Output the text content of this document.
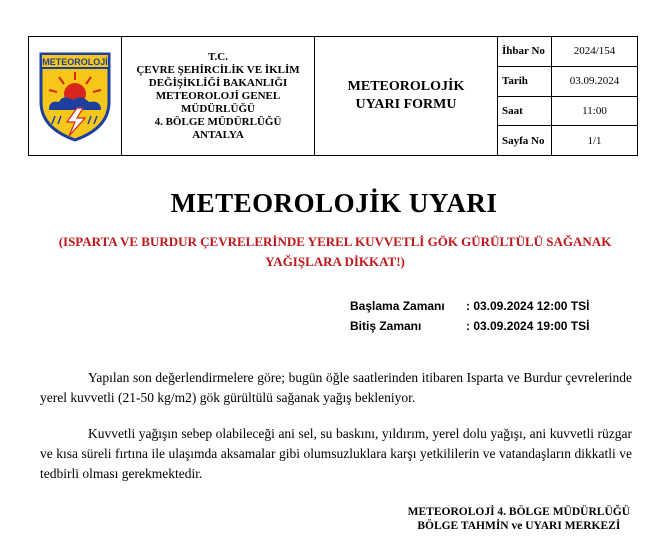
METEOROLOJİ	T.C.
ÇEVRE ŞEHİRCİLİK VE İKLİM
DEĞİŞİKLİĞİ BAKANLIĞI
METEOROLOJİ GENEL
MÜDÜRLÜĞÜ
4. BÖLGE MÜDÜRLÜĞÜ
ANTALYA
METEOROLOJİK
UYARI FORMU
İhbar No	2024/154
Tarih	03.09.2024
Saat	11:00
Sayfa No	1/1
METEOROLOJİK UYARI
(ISPARTA VE BURDUR ÇEVRELERİNDE YEREL KUVVETLİ GÖK GÜRÜLTÜLÜ SAĞANAK
YAĞIŞLARA DİKKAT!)
Başlama Zamanı	: 03.09.2024 12:00 TSİ
Bitiş Zamanı	: 03.09.2024 19:00 TSİ
Yapılan son değerlendirmelere göre; bugün öğle saatlerinden itibaren Isparta ve Burdur çevrelerinde yerel kuvvetli (21-50 kg/m2) gök gürültülü sağanak yağış bekleniyor.
Kuvvetli yağışın sebep olabileceği ani sel, su baskını, yıldırım, yerel dolu yağışı, ani kuvvetli rüzgar ve kısa süreli fırtına ile ulaşımda aksamalar gibi olumsuzluklara karşı yetkililerin ve vatandaşların dikkatli ve tedbirli olması gerekmektedir.
METEOROLOJİ 4. BÖLGE MÜDÜRLÜĞÜ
BÖLGE TAHMİN ve UYARI MERKEZİ
